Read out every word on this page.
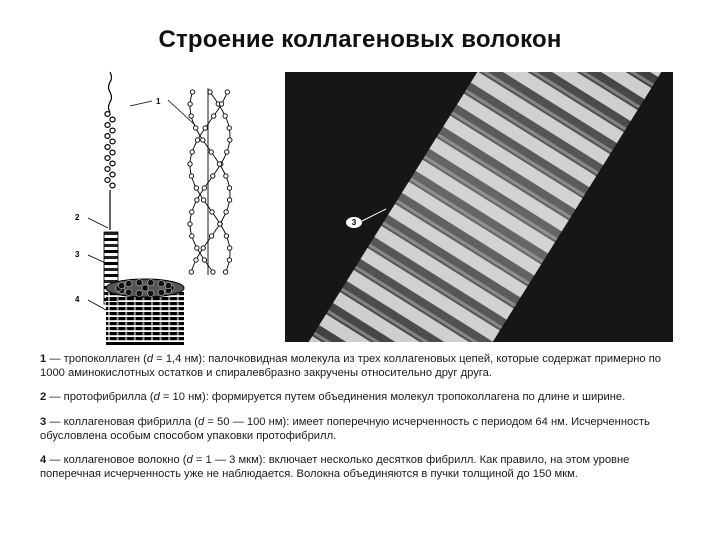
Строение коллагеновых волокон
1
2
3
4
3

1 — тропоколлаген (d = 1,4 нм): палочковидная молекула из трех коллагеновых цепей, которые содержат примерно по 1000 аминокислотных остатков и спиралевбразно закручены относительно друг друга.

2 — протофибрилла (d = 10 нм): формируется путем объединения молекул тропоколлагена по длине и ширине.

3 — коллагеновая фибрилла (d = 50 — 100 нм): имеет поперечную исчерченность с периодом 64 нм. Исчерченность обусловлена особым способом упаковки протофибрилл.

4 — коллагеновое волокно (d = 1 — 3 мкм): включает несколько десятков фибрилл. Как правило, на этом уровне поперечная исчерченность уже не наблюдается. Волокна объединяются в пучки толщиной до 150 мкм.
